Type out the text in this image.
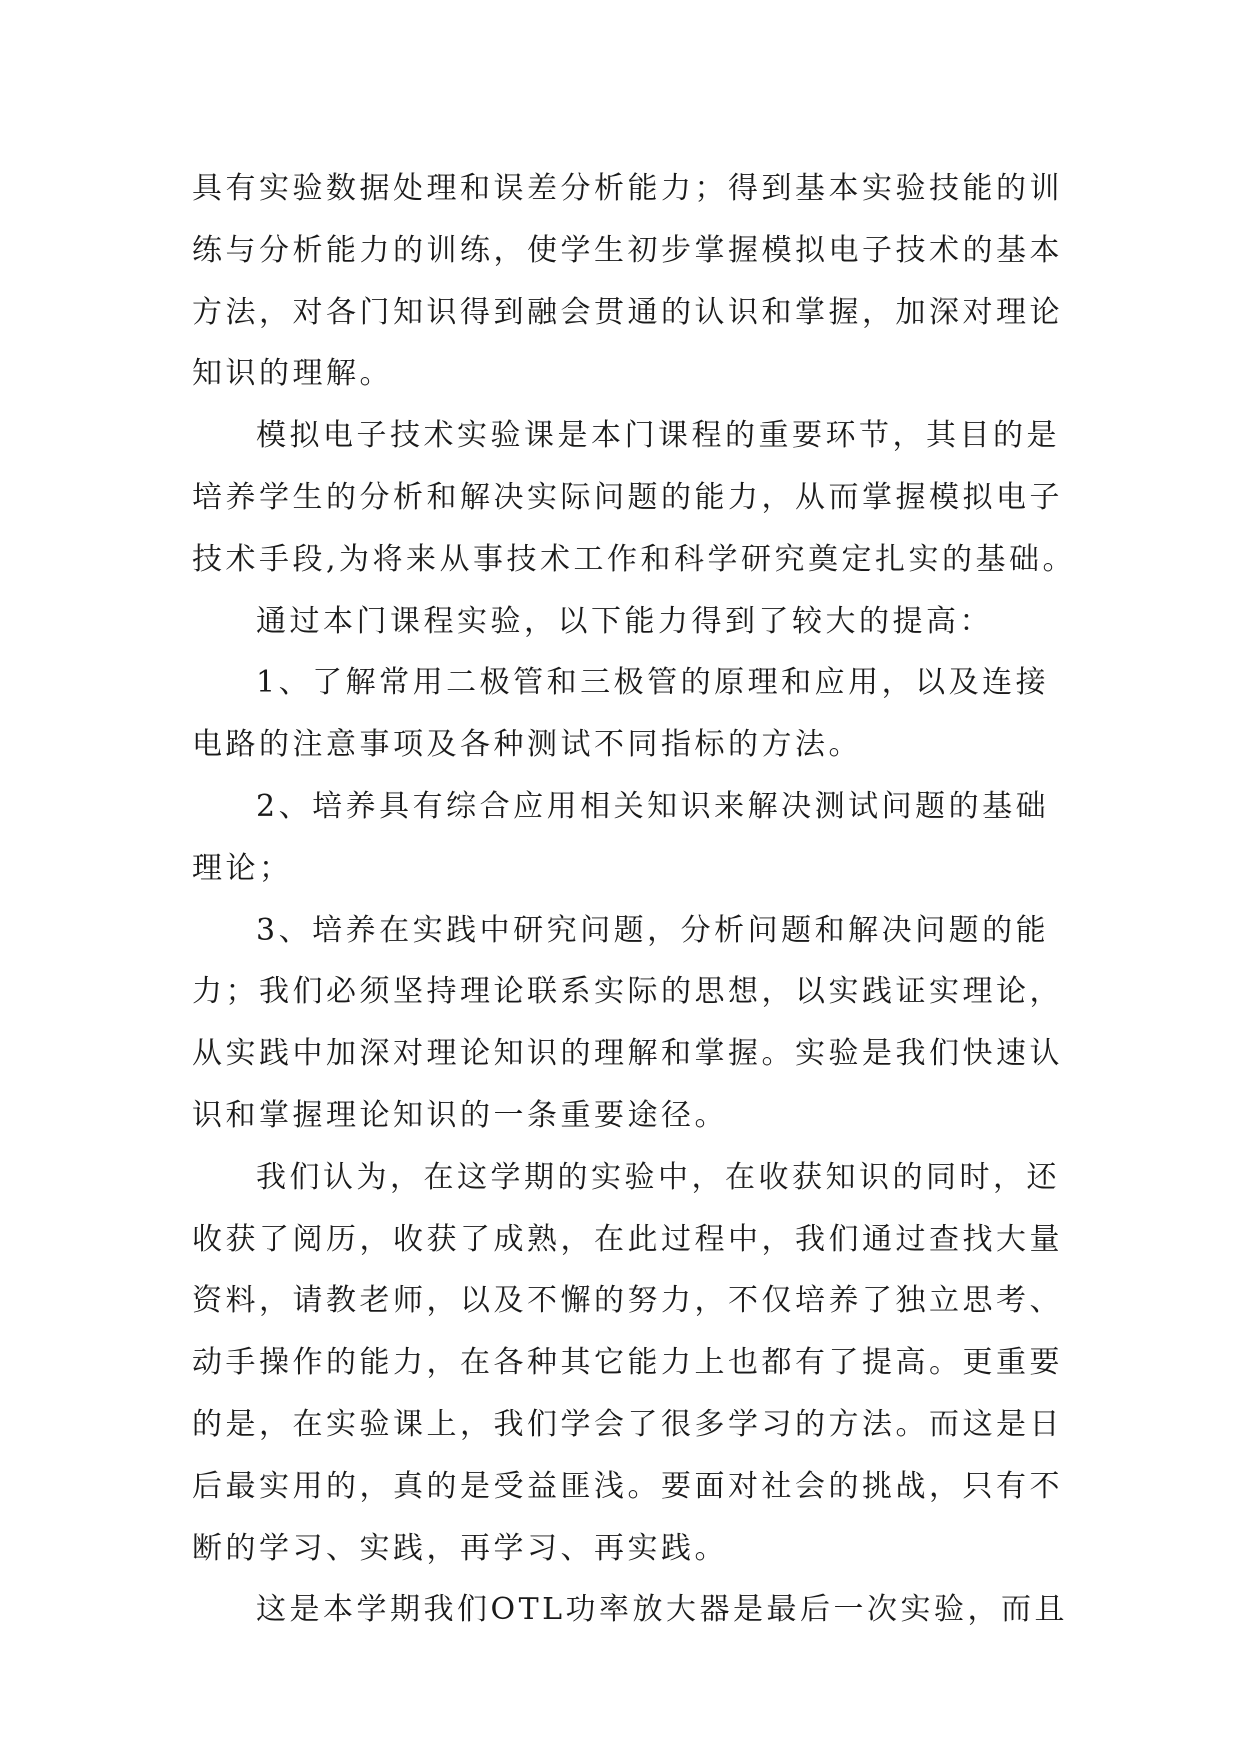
具有实验数据处理和误差分析能力；得到基本实验技能的训
练与分析能力的训练，使学生初步掌握模拟电子技术的基本
方法，对各门知识得到融会贯通的认识和掌握，加深对理论
知识的理解。
模拟电子技术实验课是本门课程的重要环节，其目的是
培养学生的分析和解决实际问题的能力，从而掌握模拟电子
技术手段,为将来从事技术工作和科学研究奠定扎实的基础。
通过本门课程实验，以下能力得到了较大的提高：
1、了解常用二极管和三极管的原理和应用，以及连接
电路的注意事项及各种测试不同指标的方法。
2、培养具有综合应用相关知识来解决测试问题的基础
理论；
3、培养在实践中研究问题，分析问题和解决问题的能
力；我们必须坚持理论联系实际的思想，以实践证实理论，
从实践中加深对理论知识的理解和掌握。实验是我们快速认
识和掌握理论知识的一条重要途径。
我们认为，在这学期的实验中，在收获知识的同时，还
收获了阅历，收获了成熟，在此过程中，我们通过查找大量
资料，请教老师，以及不懈的努力，不仅培养了独立思考、
动手操作的能力，在各种其它能力上也都有了提高。更重要
的是，在实验课上，我们学会了很多学习的方法。而这是日
后最实用的，真的是受益匪浅。要面对社会的挑战，只有不
断的学习、实践，再学习、再实践。
这是本学期我们OTL功率放大器是最后一次实验，而且
